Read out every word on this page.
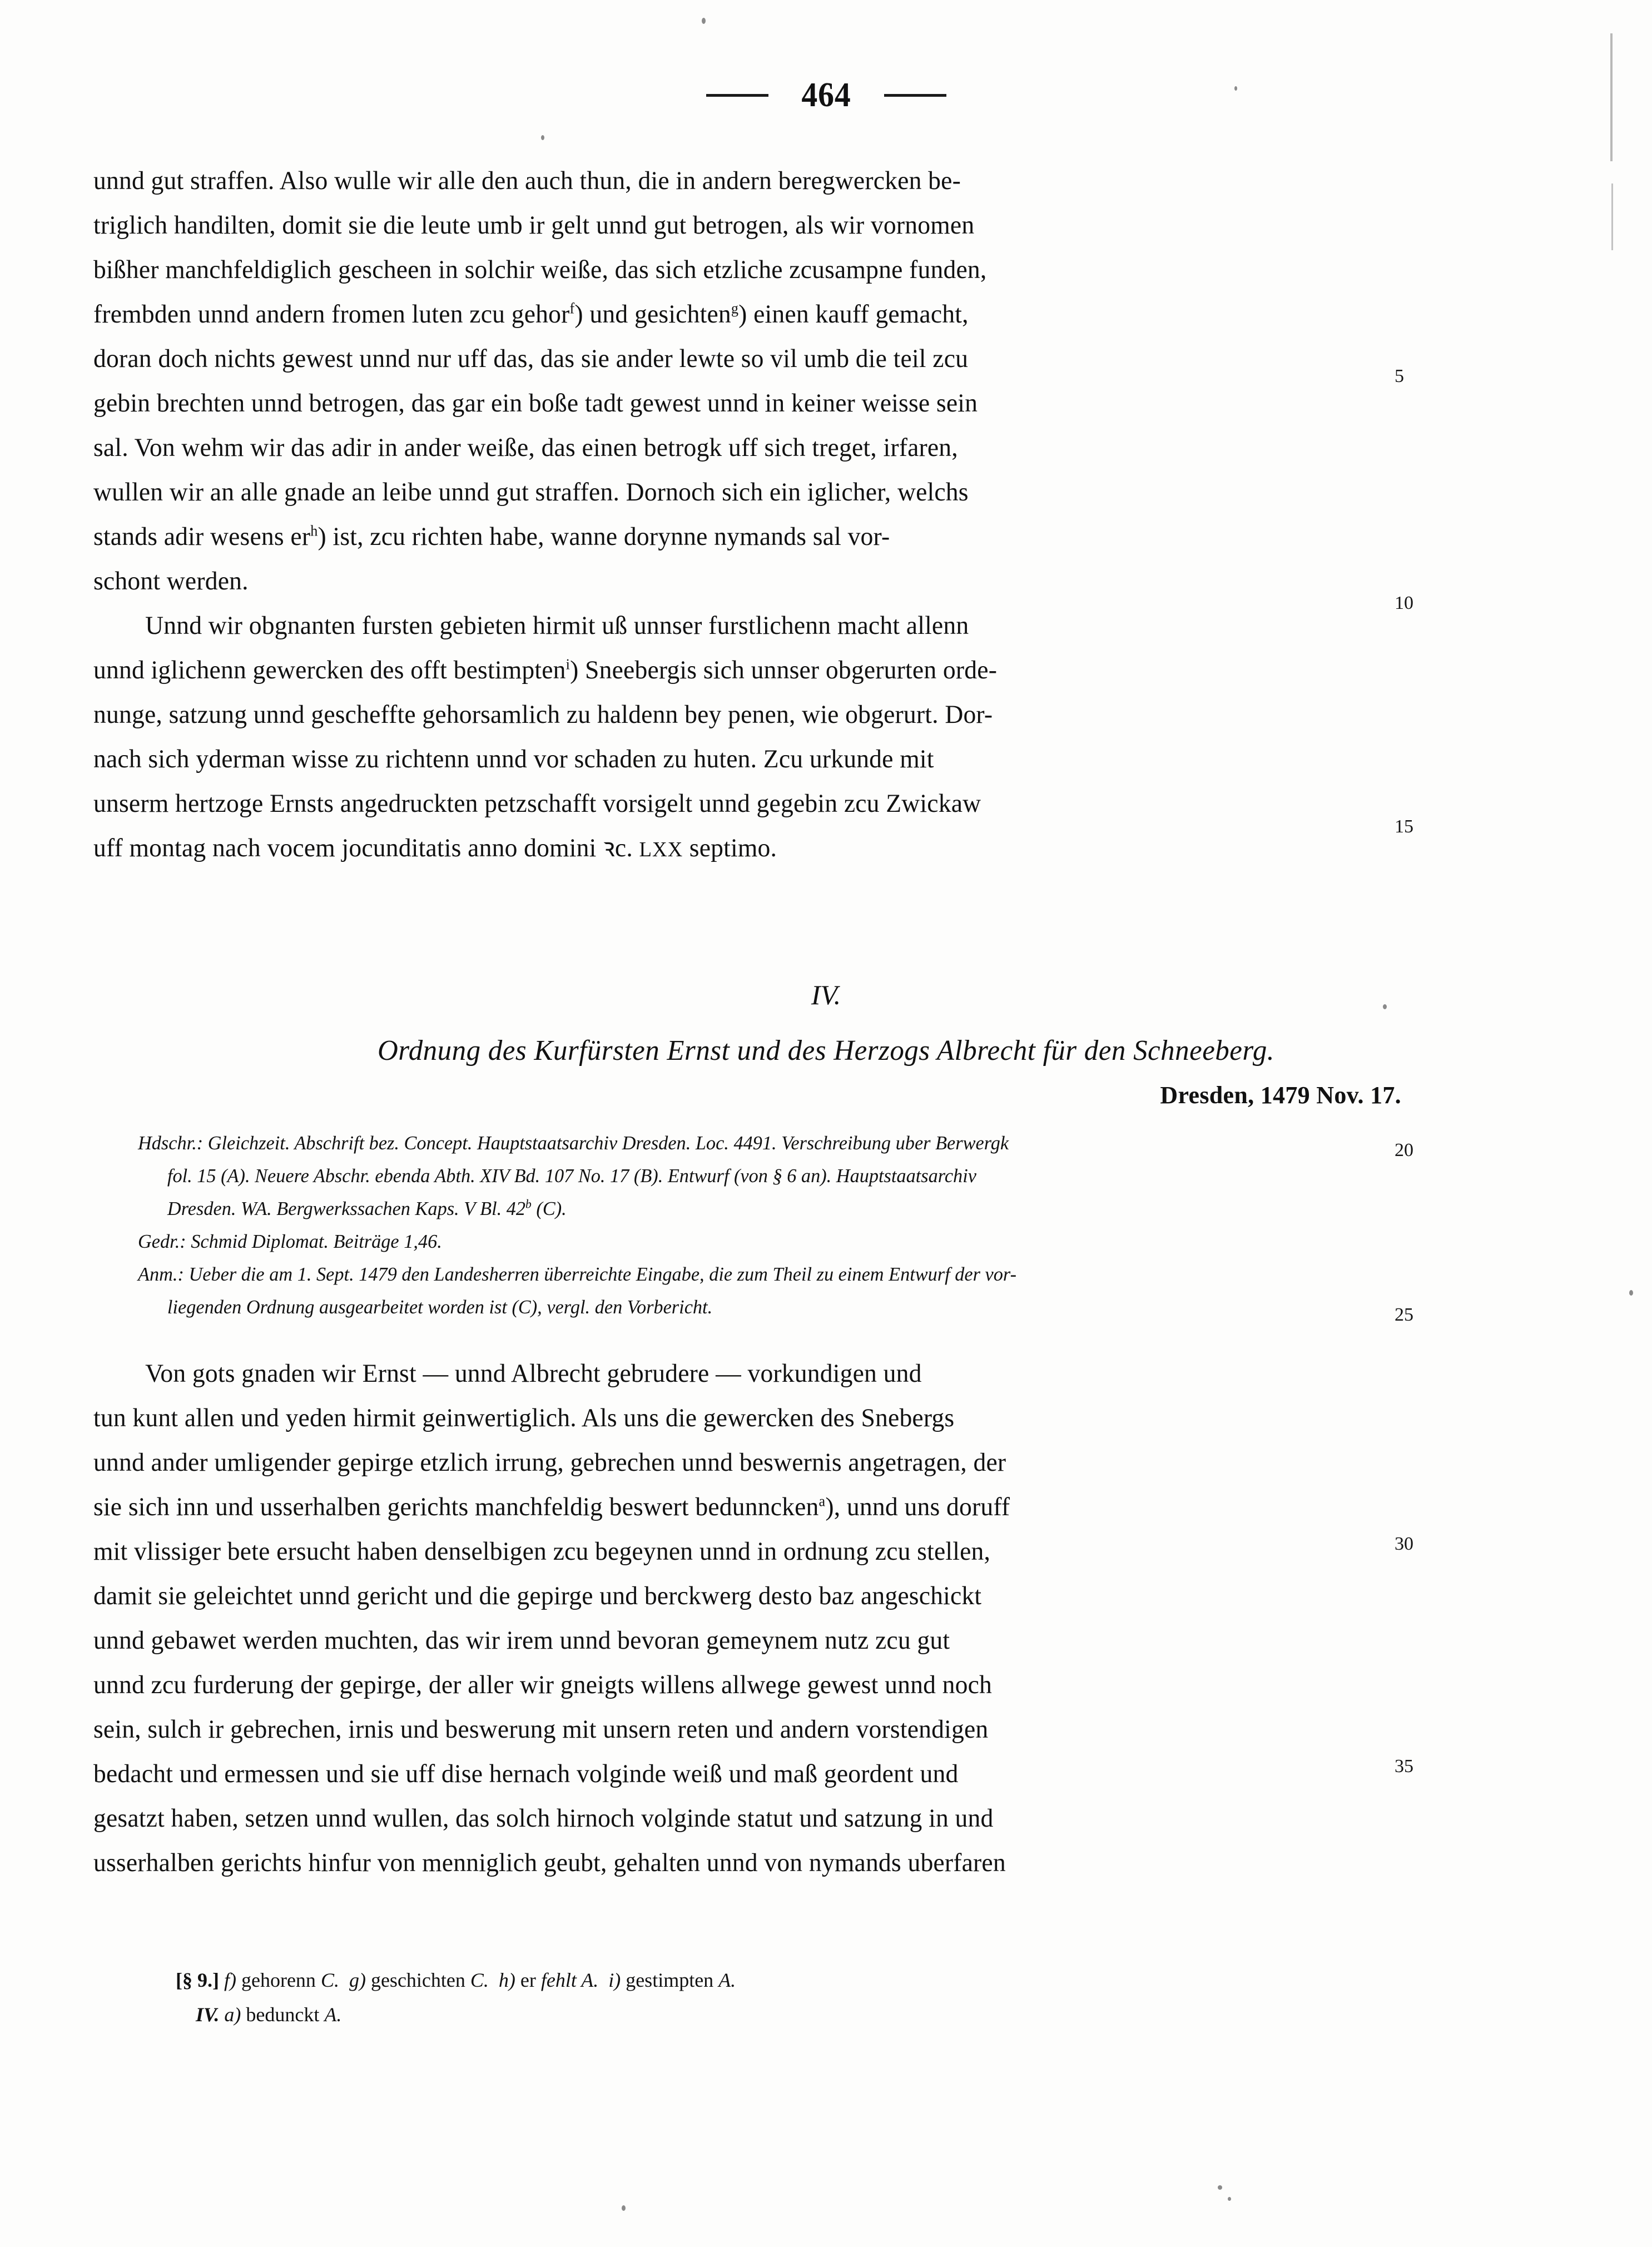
464
unnd gut straffen. Also wulle wir alle den auch thun, die in andern beregwercken be-
triglich handilten, domit sie die leute umb ir gelt unnd gut betrogen, als wir vornomen
bißher manchfeldiglich gescheen in solchir weiße, das sich etzliche zcusampne funden,
frembden unnd andern fromen luten zcu gehor$^f$) und gesichten$^g$) einen kauff gemacht,
doran doch nichts gewest unnd nur uff das, das sie ander lewte so vil umb die teil zcu
gebin brechten unnd betrogen, das gar ein boße tadt gewest unnd in keiner weisse sein
sal. Von wehm wir das adir in ander weiße, das einen betrogk uff sich treget, irfaren,
wullen wir an alle gnade an leibe unnd gut straffen. Dornoch sich ein iglicher, welchs
stands adir wesens er$^h$) ist, zcu richten habe, wanne dorynne nymands sal vor-
schont werden.
Unnd wir obgnanten fursten gebieten hirmit uß unnser furstlichenn macht allenn
unnd iglichenn gewercken des offt bestimpten$^i$) Sneebergis sich unnser obgerurten orde-
nunge, satzung unnd gescheffte gehorsamlich zu haldenn bey penen, wie obgerurt. Dor-
nach sich yderman wisse zu richtenn unnd vor schaden zu huten. Zcu urkunde mit
unserm hertzoge Ernsts angedruckten petzschafft vorsigelt unnd gegebin zcu Zwickaw
uff montag nach vocem jocunditatis anno domini ꝛc. LXX septimo.
5
10
15
IV.
Ordnung des Kurfürsten Ernst und des Herzogs Albrecht für den Schneeberg.
Dresden, 1479 Nov. 17.
Hdschr.: Gleichzeit. Abschrift bez. Concept. Hauptstaatsarchiv Dresden. Loc. 4491. Verschreibung uber Berwergk
fol. 15 (A). Neuere Abschr. ebenda Abth. XIV Bd. 107 No. 17 (B). Entwurf (von § 6 an). Hauptstaatsarchiv
Dresden. WA. Bergwerkssachen Kaps. V Bl. 42$^b$ (C).
Gedr.: Schmid Diplomat. Beiträge 1,46.
Anm.: Ueber die am 1. Sept. 1479 den Landesherren überreichte Eingabe, die zum Theil zu einem Entwurf der vor-
liegenden Ordnung ausgearbeitet worden ist (C), vergl. den Vorbericht.
20
25
Von gots gnaden wir Ernst — unnd Albrecht gebrudere — vorkundigen und
tun kunt allen und yeden hirmit geinwertiglich. Als uns die gewercken des Snebergs
unnd ander umligender gepirge etzlich irrung, gebrechen unnd beswernis angetragen, der
sie sich inn und usserhalben gerichts manchfeldig beswert bedunncken$^a$), unnd uns doruff
mit vlissiger bete ersucht haben denselbigen zcu begeynen unnd in ordnung zcu stellen,
damit sie geleichtet unnd gericht und die gepirge und berckwerg desto baz angeschickt
unnd gebawet werden muchten, das wir irem unnd bevoran gemeynem nutz zcu gut
unnd zcu furderung der gepirge, der aller wir gneigts willens allwege gewest unnd noch
sein, sulch ir gebrechen, irnis und beswerung mit unsern reten und andern vorstendigen
bedacht und ermessen und sie uff dise hernach volginde weiß und maß geordent und
gesatzt haben, setzen unnd wullen, das solch hirnoch volginde statut und satzung in und
usserhalben gerichts hinfur von menniglich geubt, gehalten unnd von nymands uberfaren
30
35
[§ 9.] f) gehorenn C. g) geschichten C. h) er fehlt A. i) gestimpten A.
IV. a) bedunckt A.
